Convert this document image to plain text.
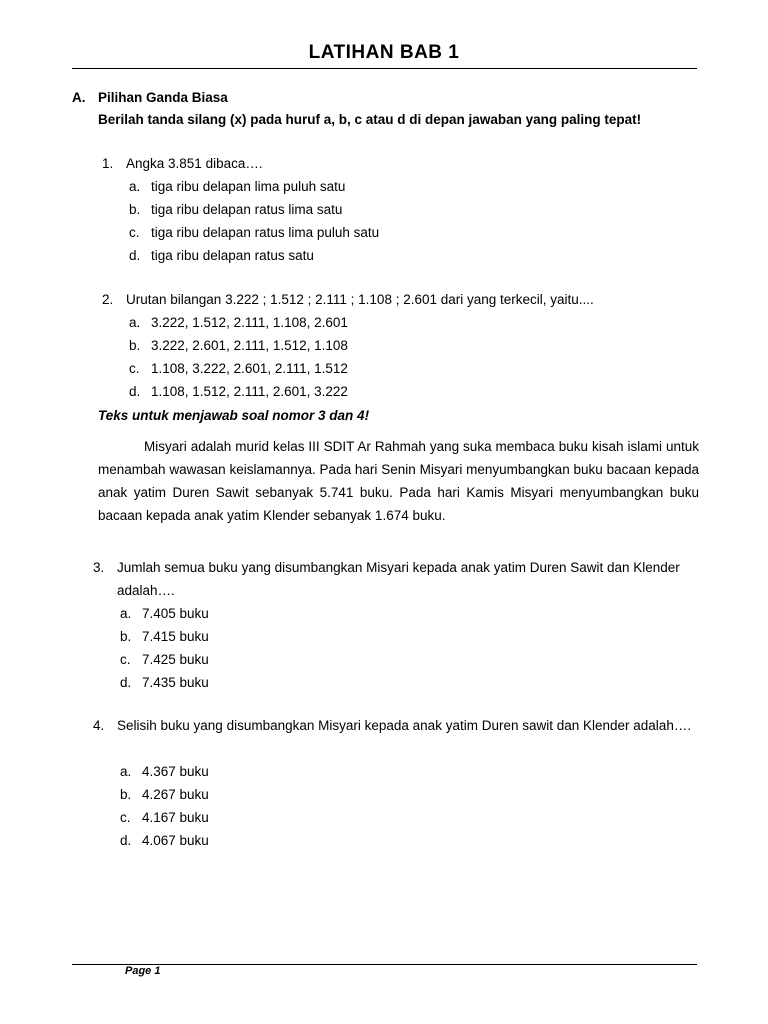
LATIHAN BAB 1
A. Pilihan Ganda Biasa
Berilah tanda silang (x) pada huruf a, b, c atau d di depan jawaban yang paling tepat!
1. Angka 3.851 dibaca….
a. tiga ribu delapan lima puluh satu
b. tiga ribu delapan ratus lima satu
c. tiga ribu delapan ratus lima puluh satu
d. tiga ribu delapan ratus satu
2. Urutan bilangan 3.222 ; 1.512 ; 2.111 ; 1.108 ; 2.601 dari yang terkecil, yaitu....
a. 3.222, 1.512, 2.111, 1.108, 2.601
b. 3.222, 2.601, 2.111, 1.512, 1.108
c. 1.108, 3.222, 2.601, 2.111, 1.512
d. 1.108, 1.512, 2.111, 2.601, 3.222
Teks untuk menjawab soal nomor 3 dan 4!
Misyari adalah murid kelas III SDIT Ar Rahmah yang suka membaca buku kisah islami untuk menambah wawasan keislamannya. Pada hari Senin Misyari menyumbangkan buku bacaan kepada anak yatim Duren Sawit sebanyak 5.741 buku. Pada hari Kamis Misyari menyumbangkan buku bacaan kepada anak yatim Klender sebanyak 1.674 buku.
3. Jumlah semua buku yang disumbangkan Misyari kepada anak yatim Duren Sawit dan Klender adalah….
a. 7.405 buku
b. 7.415 buku
c. 7.425 buku
d. 7.435 buku
4. Selisih buku yang disumbangkan Misyari kepada anak yatim Duren sawit dan Klender adalah….
a. 4.367 buku
b. 4.267 buku
c. 4.167 buku
d. 4.067 buku
Page 1
